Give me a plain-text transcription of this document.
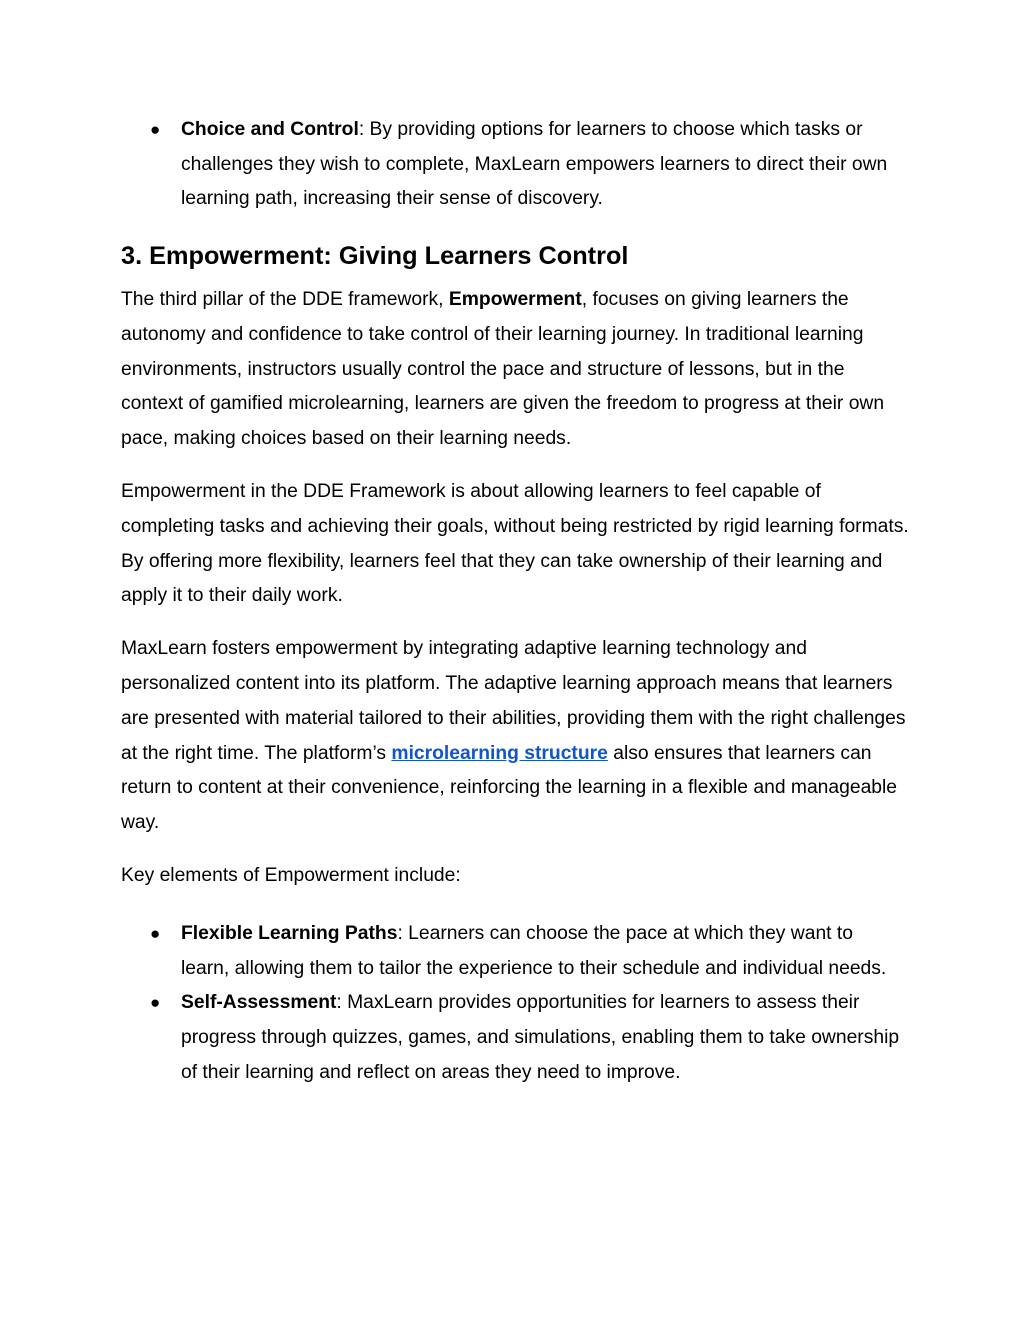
● Choice and Control: By providing options for learners to choose which tasks or challenges they wish to complete, MaxLearn empowers learners to direct their own learning path, increasing their sense of discovery.
3. Empowerment: Giving Learners Control

The third pillar of the DDE framework, Empowerment, focuses on giving learners the autonomy and confidence to take control of their learning journey. In traditional learning environments, instructors usually control the pace and structure of lessons, but in the context of gamified microlearning, learners are given the freedom to progress at their own pace, making choices based on their learning needs.

Empowerment in the DDE Framework is about allowing learners to feel capable of completing tasks and achieving their goals, without being restricted by rigid learning formats. By offering more flexibility, learners feel that they can take ownership of their learning and apply it to their daily work.

MaxLearn fosters empowerment by integrating adaptive learning technology and personalized content into its platform. The adaptive learning approach means that learners are presented with material tailored to their abilities, providing them with the right challenges at the right time. The platform’s microlearning structure also ensures that learners can return to content at their convenience, reinforcing the learning in a flexible and manageable way.

Key elements of Empowerment include:

● Flexible Learning Paths: Learners can choose the pace at which they want to learn, allowing them to tailor the experience to their schedule and individual needs.
● Self-Assessment: MaxLearn provides opportunities for learners to assess their progress through quizzes, games, and simulations, enabling them to take ownership of their learning and reflect on areas they need to improve.
